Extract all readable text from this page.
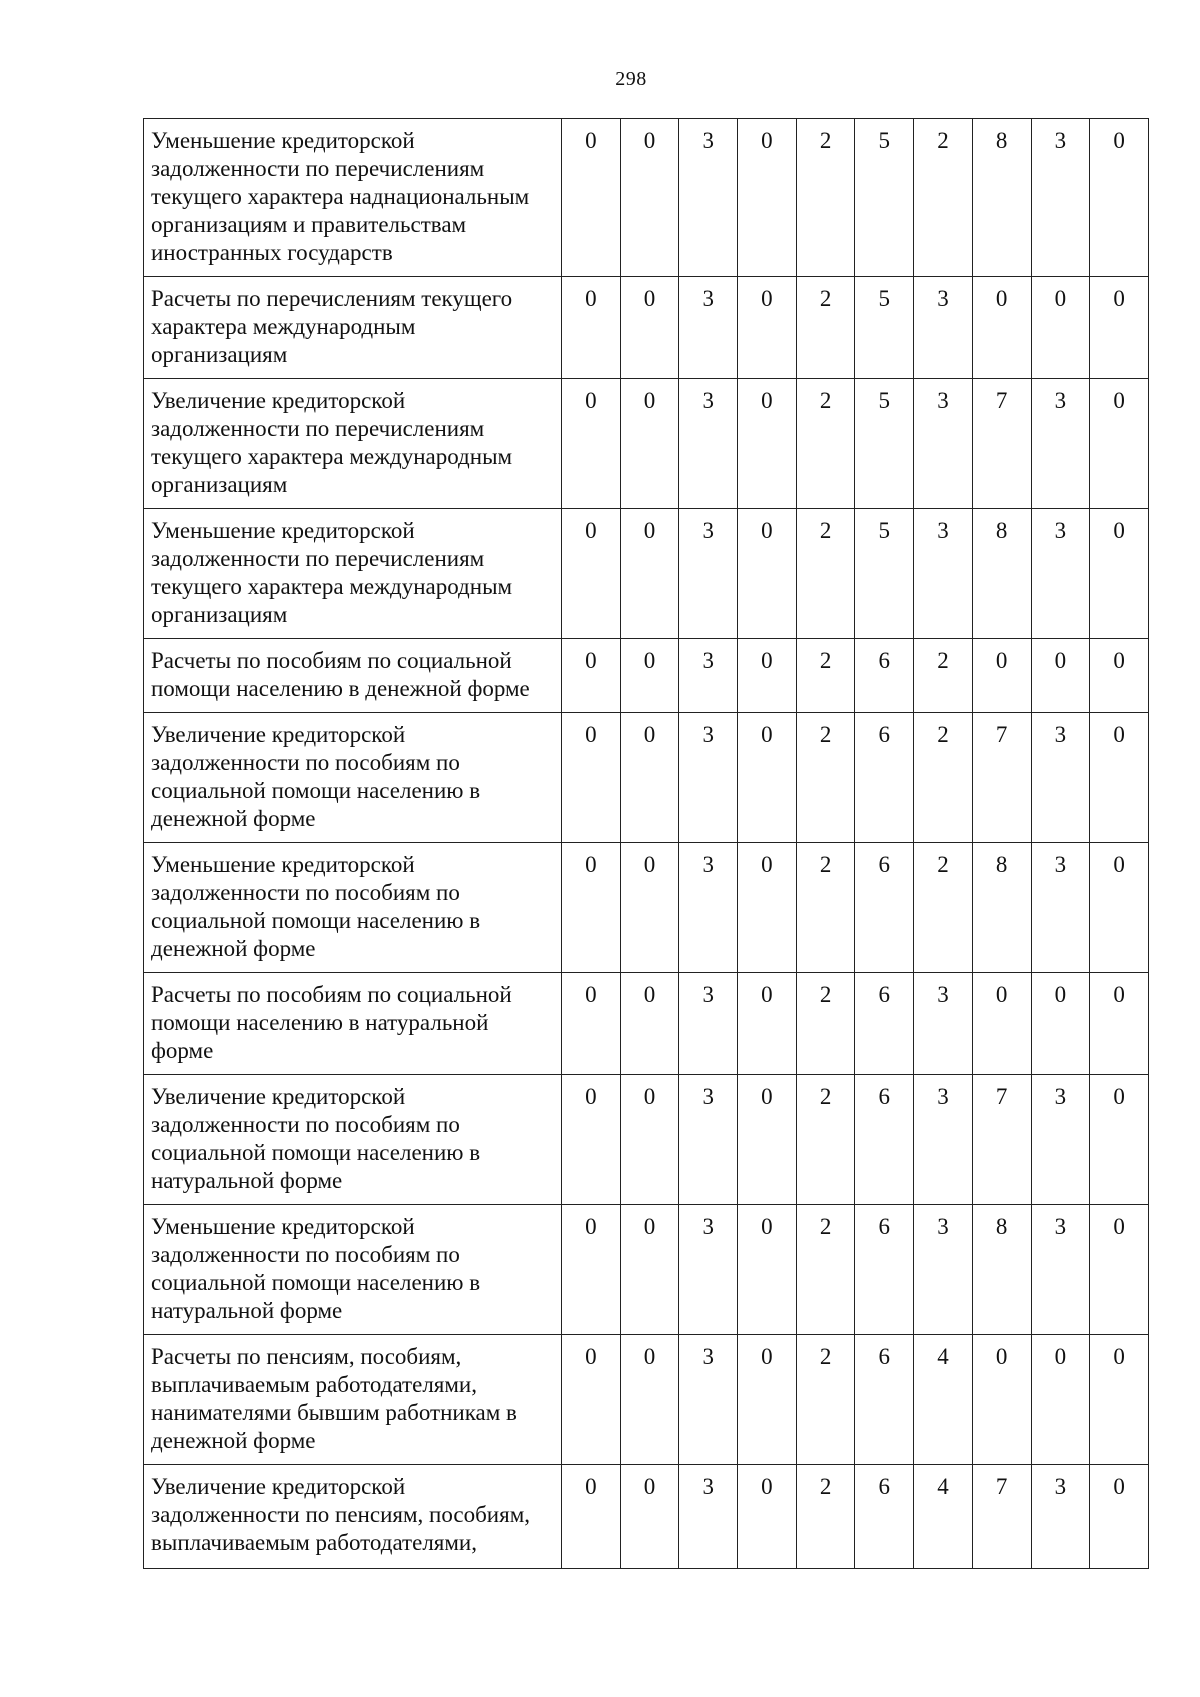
298
Уменьшение кредиторской задолженности по перечислениям текущего характера наднациональным организациям и правительствам иностранных государств	0	0	3	0	2	5	2	8	3	0
Расчеты по перечислениям текущего характера международным организациям	0	0	3	0	2	5	3	0	0	0
Увеличение кредиторской задолженности по перечислениям текущего характера международным организациям	0	0	3	0	2	5	3	7	3	0
Уменьшение кредиторской задолженности по перечислениям текущего характера международным организациям	0	0	3	0	2	5	3	8	3	0
Расчеты по пособиям по социальной помощи населению в денежной форме	0	0	3	0	2	6	2	0	0	0
Увеличение кредиторской задолженности по пособиям по социальной помощи населению в денежной форме	0	0	3	0	2	6	2	7	3	0
Уменьшение кредиторской задолженности по пособиям по социальной помощи населению в денежной форме	0	0	3	0	2	6	2	8	3	0
Расчеты по пособиям по социальной помощи населению в натуральной форме	0	0	3	0	2	6	3	0	0	0
Увеличение кредиторской задолженности по пособиям по социальной помощи населению в натуральной форме	0	0	3	0	2	6	3	7	3	0
Уменьшение кредиторской задолженности по пособиям по социальной помощи населению в натуральной форме	0	0	3	0	2	6	3	8	3	0
Расчеты по пенсиям, пособиям, выплачиваемым работодателями, нанимателями бывшим работникам в денежной форме	0	0	3	0	2	6	4	0	0	0
Увеличение кредиторской задолженности по пенсиям, пособиям, выплачиваемым работодателями,	0	0	3	0	2	6	4	7	3	0
